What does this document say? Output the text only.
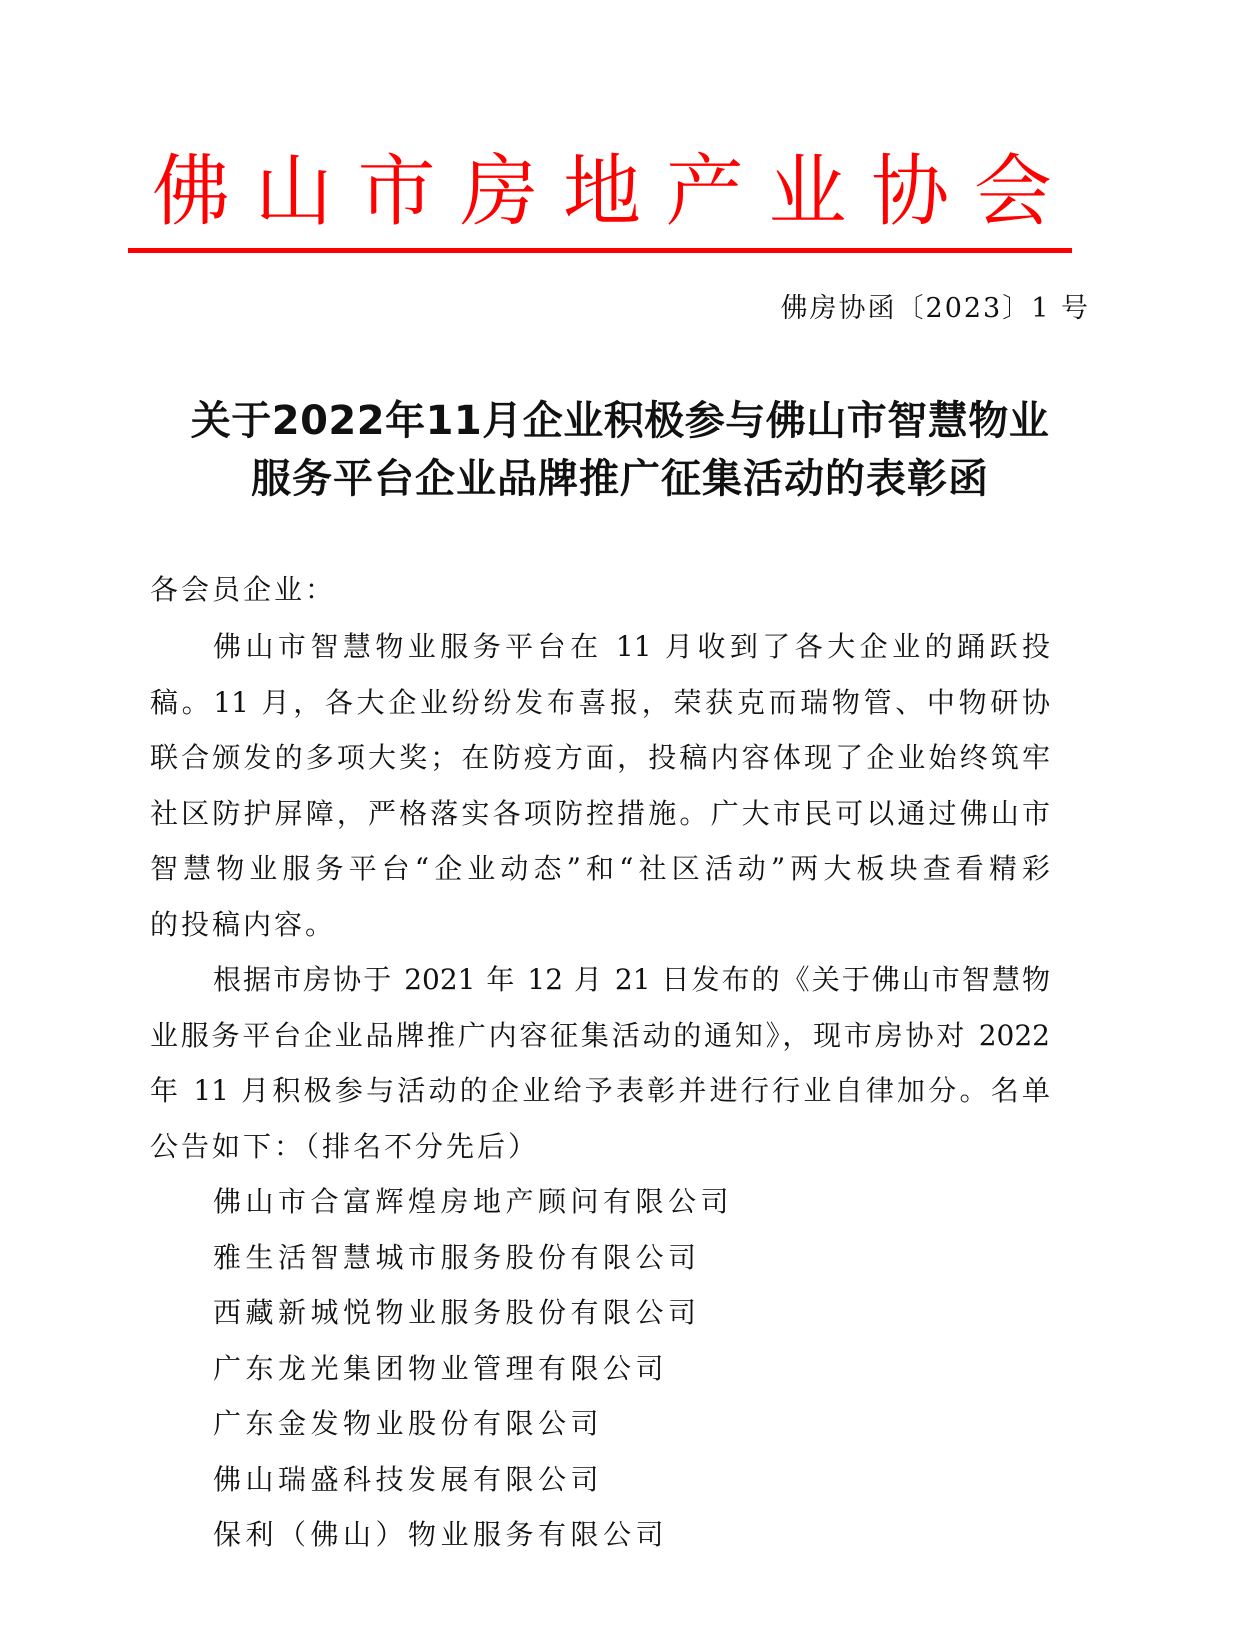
佛 山 市 房 地 产 业 协 会
佛房协函〔2023〕1 号
关于2022年11月企业积极参与佛山市智慧物业
服务平台企业品牌推广征集活动的表彰函
各会员企业：
佛山市智慧物业服务平台在 11 月收到了各大企业的踊跃投
稿。11 月，各大企业纷纷发布喜报，荣获克而瑞物管、中物研协
联合颁发的多项大奖；在防疫方面，投稿内容体现了企业始终筑牢
社区防护屏障，严格落实各项防控措施。广大市民可以通过佛山市
智慧物业服务平台“企业动态”和“社区活动”两大板块查看精彩
的投稿内容。
根据市房协于 2021 年 12 月 21 日发布的《关于佛山市智慧物
业服务平台企业品牌推广内容征集活动的通知》，现市房协对 2022
年 11 月积极参与活动的企业给予表彰并进行行业自律加分。名单
公告如下：（排名不分先后）
佛山市合富辉煌房地产顾问有限公司
雅生活智慧城市服务股份有限公司
西藏新城悦物业服务股份有限公司
广东龙光集团物业管理有限公司
广东金发物业股份有限公司
佛山瑞盛科技发展有限公司
保利（佛山）物业服务有限公司
